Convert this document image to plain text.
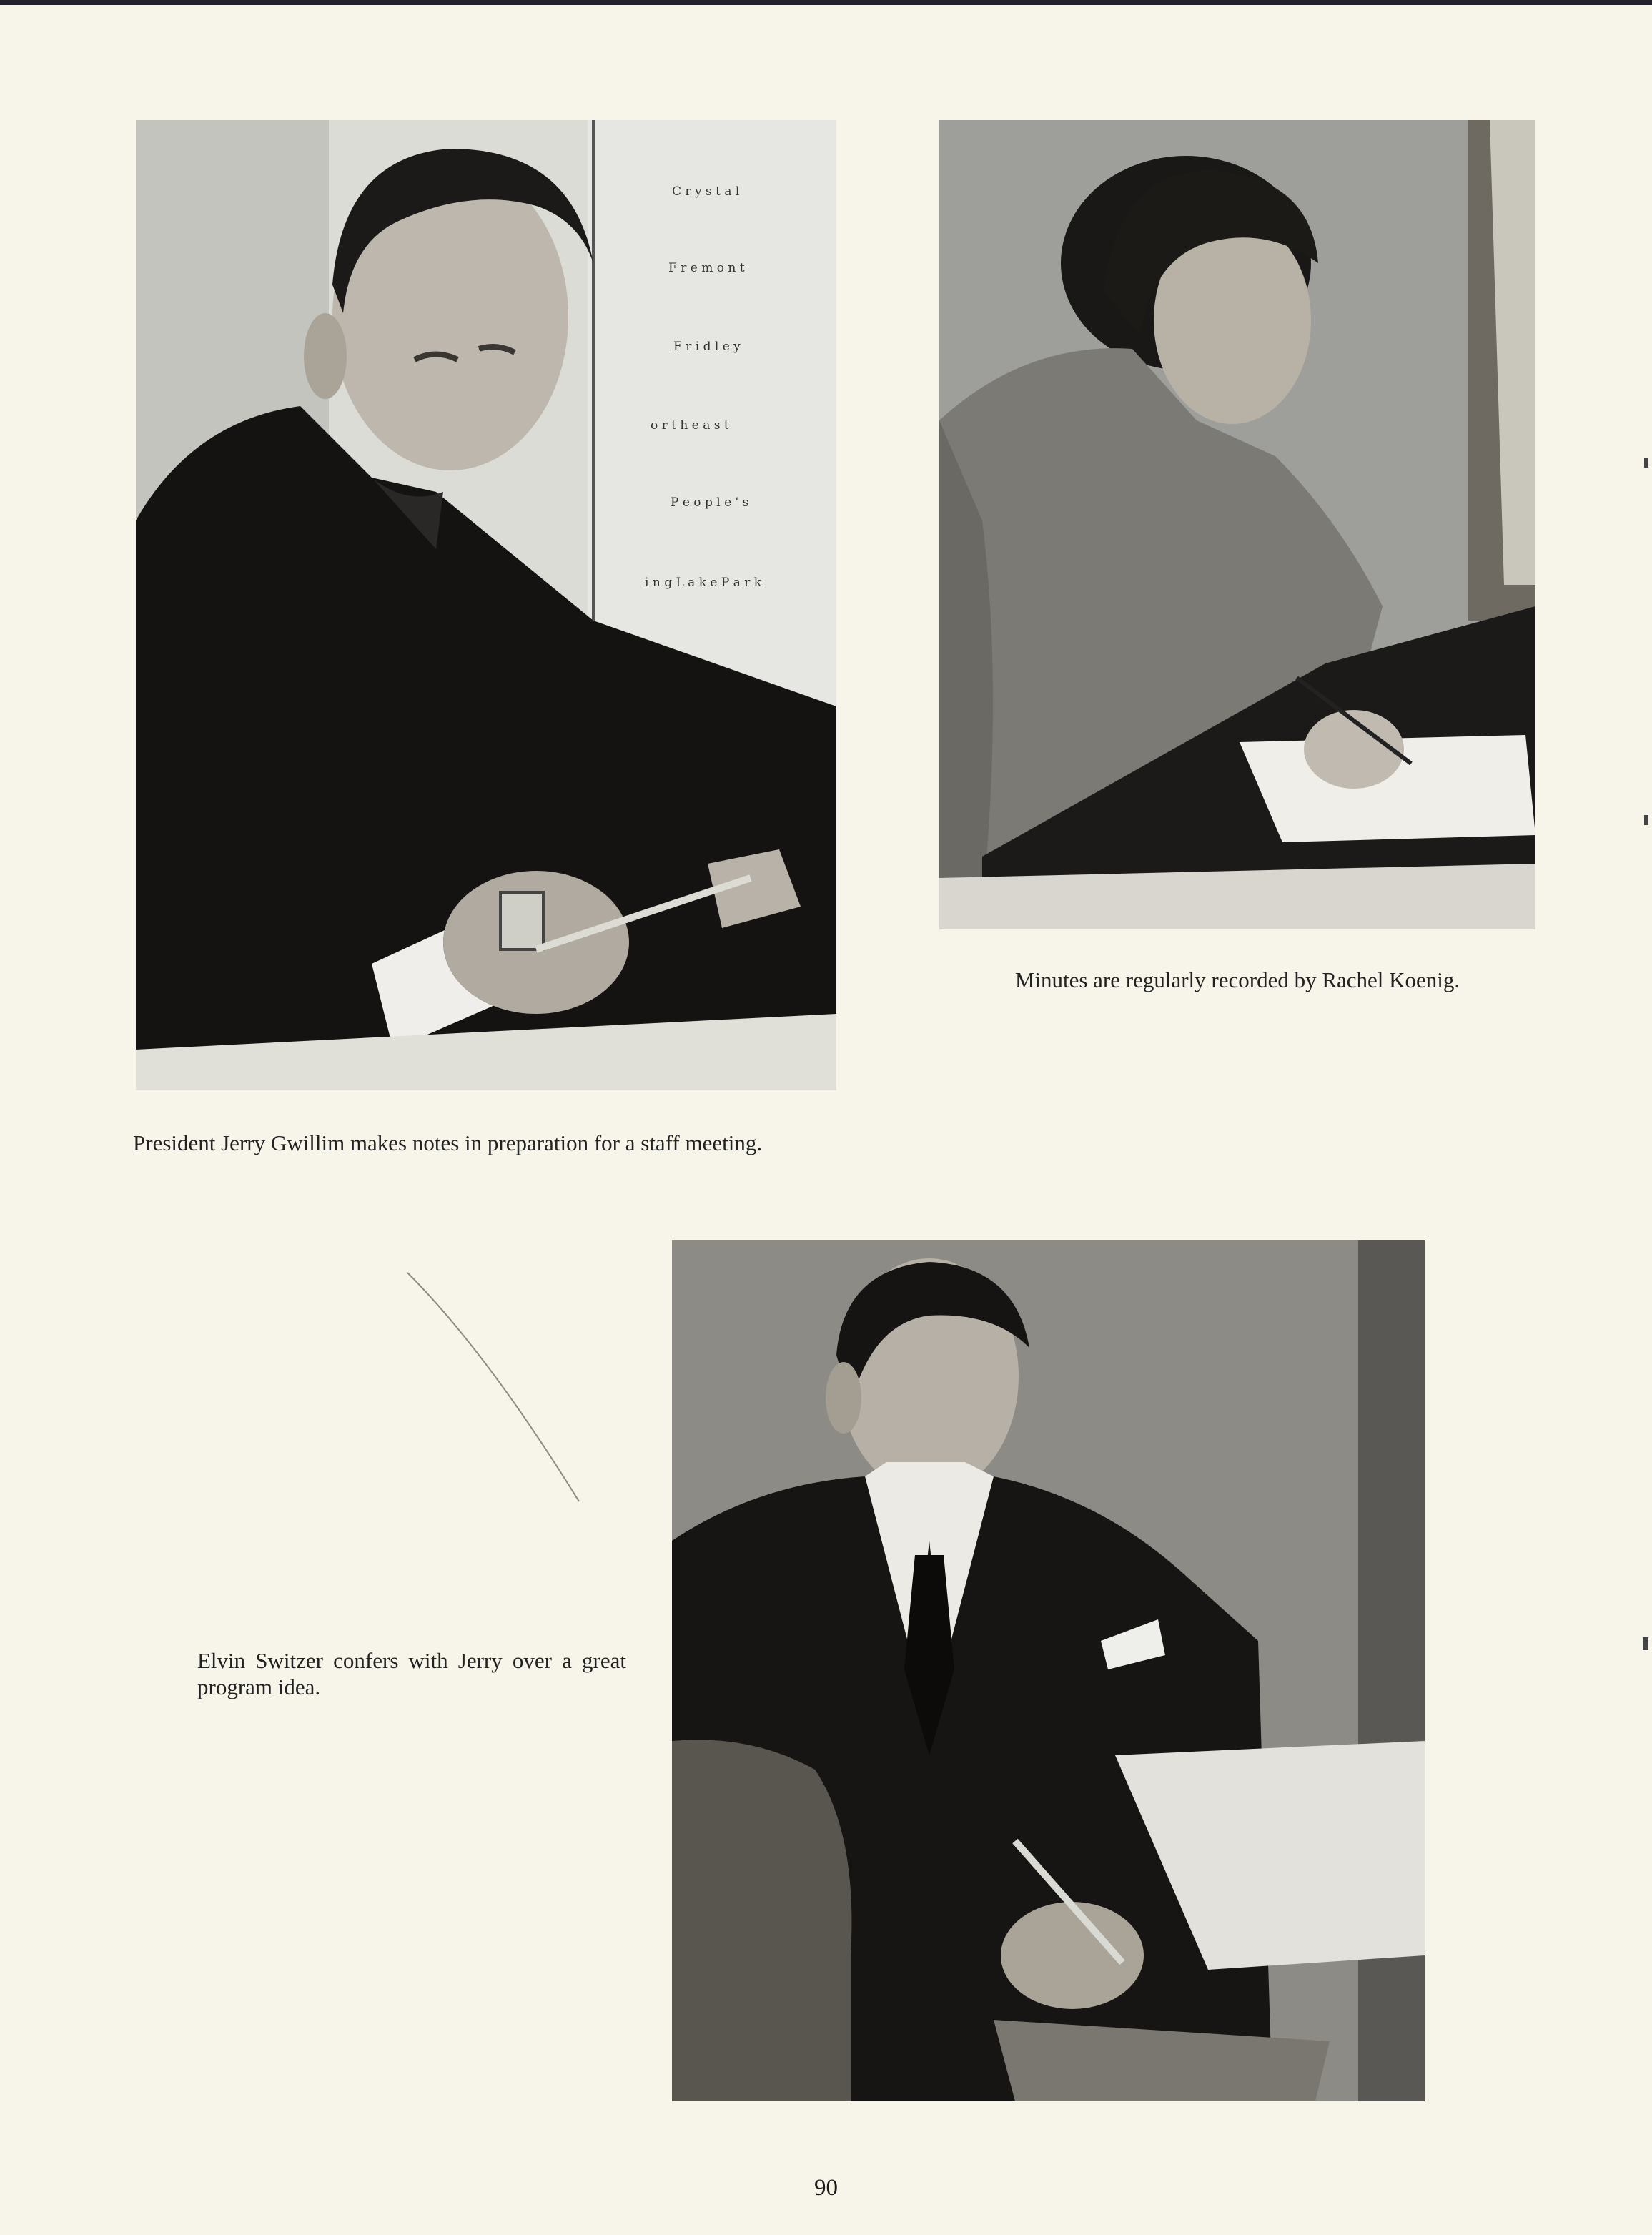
C r y s t a l
F r e m o n t
F r i d l e y
o r t h e a s t
P e o p l e ' s
i n g L a k e P a r k
President Jerry Gwillim makes notes in preparation for a staff meeting.
Minutes are regularly recorded by Rachel Koenig.
Elvin Switzer confers with Jerry over a great program idea.
90
